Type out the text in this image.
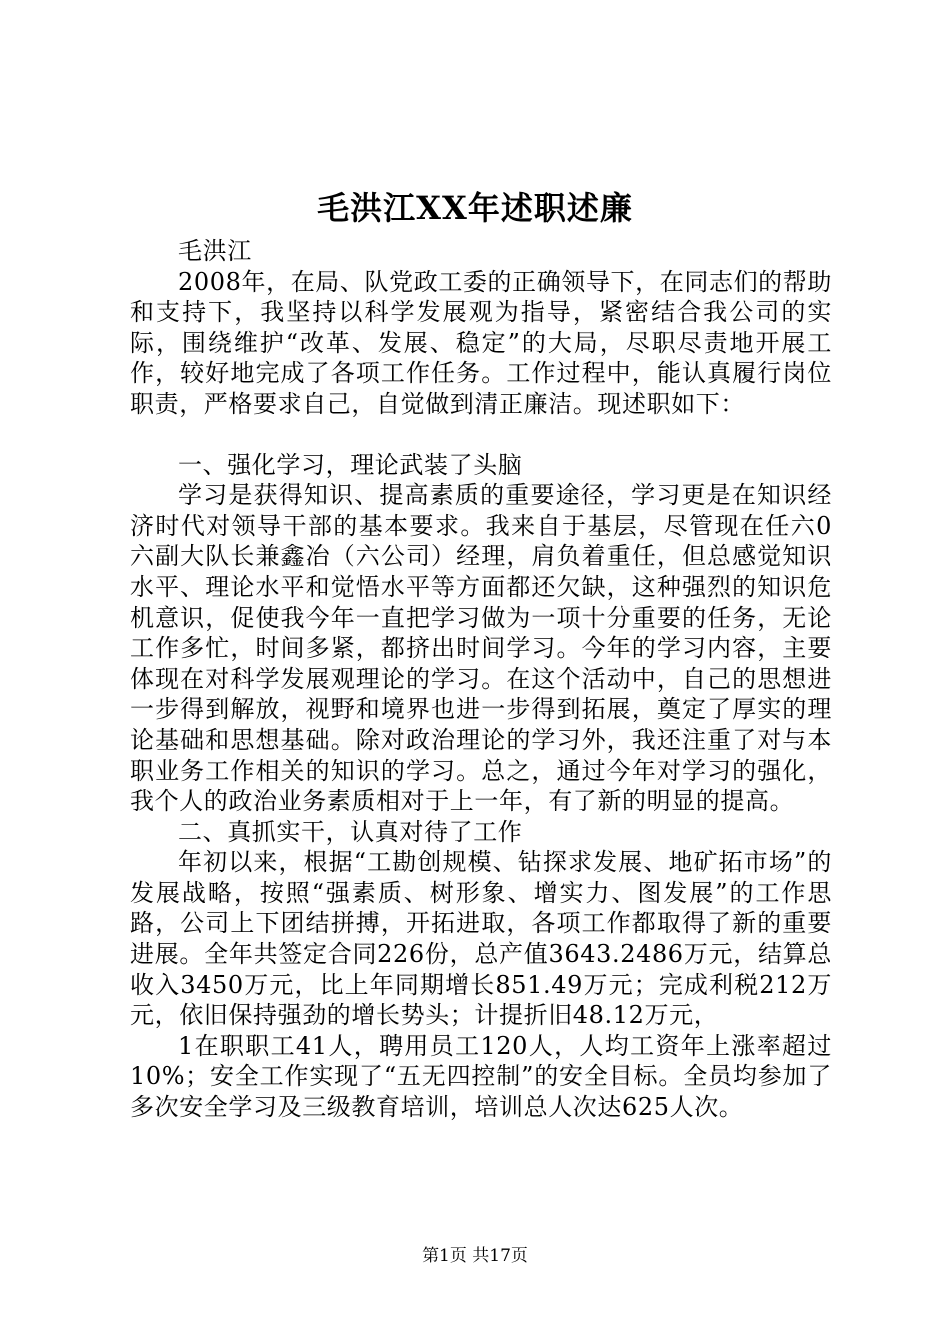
毛洪江XX年述职述廉

毛洪江

2008年，在局、队党政工委的正确领导下，在同志们的帮助和支持下，我坚持以科学发展观为指导，紧密结合我公司的实际，围绕维护“改革、发展、稳定”的大局，尽职尽责地开展工作，较好地完成了各项工作任务。工作过程中，能认真履行岗位职责，严格要求自己，自觉做到清正廉洁。现述职如下：

一、强化学习，理论武装了头脑

学习是获得知识、提高素质的重要途径，学习更是在知识经济时代对领导干部的基本要求。我来自于基层，尽管现在任六0六副大队长兼鑫冶（六公司）经理，肩负着重任，但总感觉知识水平、理论水平和觉悟水平等方面都还欠缺，这种强烈的知识危机意识，促使我今年一直把学习做为一项十分重要的任务，无论工作多忙，时间多紧，都挤出时间学习。今年的学习内容，主要体现在对科学发展观理论的学习。在这个活动中，自己的思想进一步得到解放，视野和境界也进一步得到拓展，奠定了厚实的理论基础和思想基础。除对政治理论的学习外，我还注重了对与本职业务工作相关的知识的学习。总之，通过今年对学习的强化，我个人的政治业务素质相对于上一年，有了新的明显的提高。

二、真抓实干，认真对待了工作

年初以来，根据“工勘创规模、钻探求发展、地矿拓市场”的发展战略，按照“强素质、树形象、增实力、图发展”的工作思路，公司上下团结拼搏，开拓进取，各项工作都取得了新的重要进展。全年共签定合同226份，总产值3643.2486万元，结算总收入3450万元，比上年同期增长851.49万元；完成利税212万元，依旧保持强劲的增长势头；计提折旧48.12万元，

1在职职工41人，聘用员工120人，人均工资年上涨率超过10%；安全工作实现了“五无四控制”的安全目标。全员均参加了多次安全学习及三级教育培训，培训总人次达625人次。

第1页 共17页
